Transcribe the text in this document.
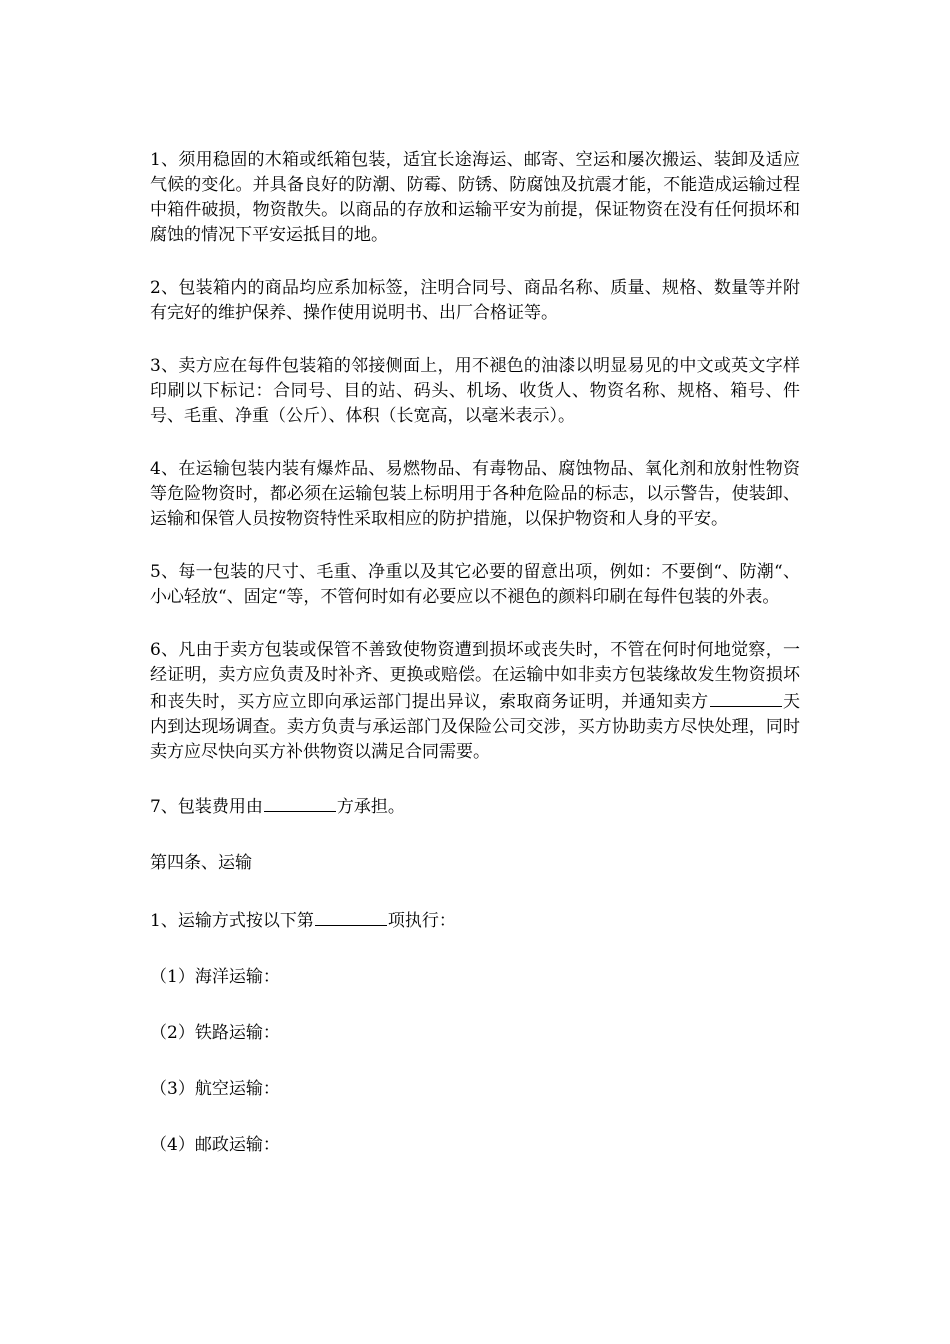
1、须用稳固的木箱或纸箱包装，适宜长途海运、邮寄、空运和屡次搬运、装卸及适应气候的变化。并具备良好的防潮、防霉、防锈、防腐蚀及抗震才能，不能造成运输过程中箱件破损，物资散失。以商品的存放和运输平安为前提，保证物资在没有任何损坏和腐蚀的情况下平安运抵目的地。

2、包装箱内的商品均应系加标签，注明合同号、商品名称、质量、规格、数量等并附有完好的维护保养、操作使用说明书、出厂合格证等。

3、卖方应在每件包装箱的邻接侧面上，用不褪色的油漆以明显易见的中文或英文字样印刷以下标记：合同号、目的站、码头、机场、收货人、物资名称、规格、箱号、件号、毛重、净重（公斤）、体积（长宽高，以毫米表示）。

4、在运输包装内装有爆炸品、易燃物品、有毒物品、腐蚀物品、氧化剂和放射性物资等危险物资时，都必须在运输包装上标明用于各种危险品的标志，以示警告，使装卸、运输和保管人员按物资特性采取相应的防护措施，以保护物资和人身的平安。

5、每一包装的尺寸、毛重、净重以及其它必要的留意出项，例如：不要倒“、防潮“、小心轻放“、固定“等，不管何时如有必要应以不褪色的颜料印刷在每件包装的外表。

6、凡由于卖方包装或保管不善致使物资遭到损坏或丧失时，不管在何时何地觉察，一经证明，卖方应负责及时补齐、更换或赔偿。在运输中如非卖方包装缘故发生物资损坏和丧失时，买方应立即向承运部门提出异议，索取商务证明，并通知卖方	天内到达现场调查。卖方负责与承运部门及保险公司交涉，买方协助卖方尽快处理，同时卖方应尽快向买方补供物资以满足合同需要。

7、包装费用由	方承担。

第四条、运输

1、运输方式按以下第	项执行：

（1）海洋运输：

（2）铁路运输：

（3）航空运输：

（4）邮政运输：
